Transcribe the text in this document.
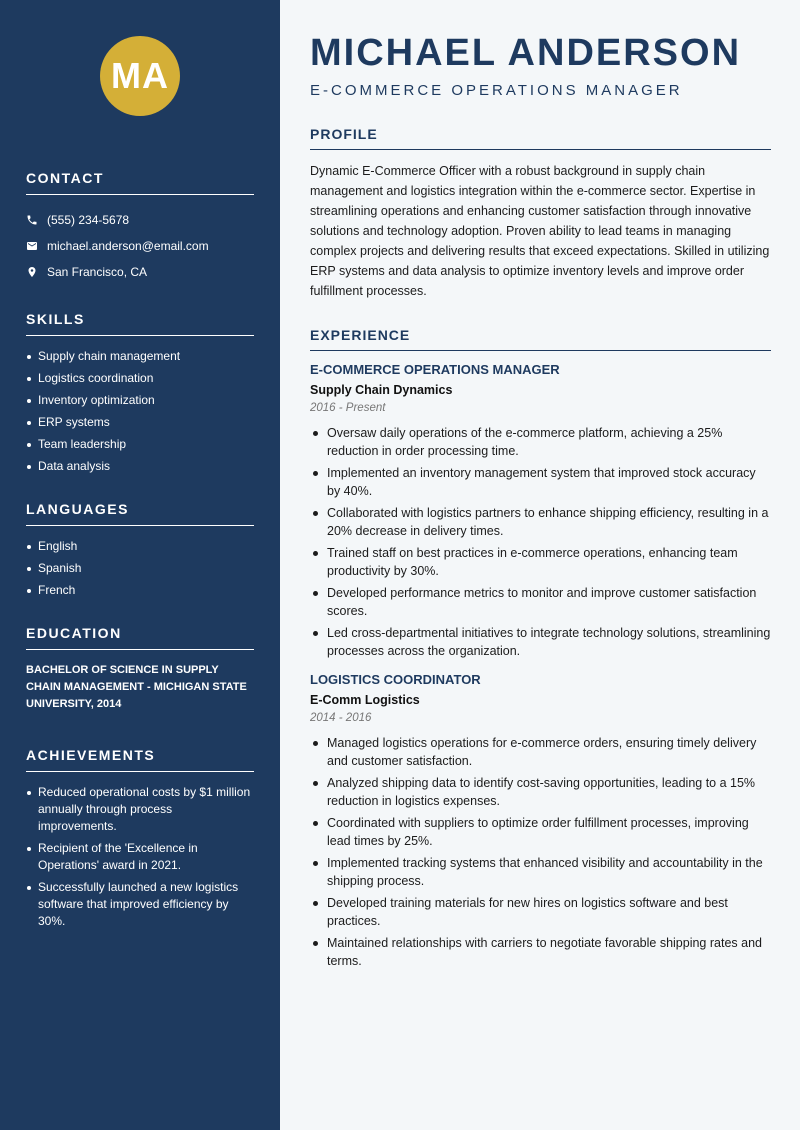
MA
CONTACT
(555) 234-5678
michael.anderson@email.com
San Francisco, CA
SKILLS
Supply chain management
Logistics coordination
Inventory optimization
ERP systems
Team leadership
Data analysis
LANGUAGES
English
Spanish
French
EDUCATION
BACHELOR OF SCIENCE IN SUPPLY CHAIN MANAGEMENT - MICHIGAN STATE UNIVERSITY, 2014
ACHIEVEMENTS
Reduced operational costs by $1 million annually through process improvements.
Recipient of the 'Excellence in Operations' award in 2021.
Successfully launched a new logistics software that improved efficiency by 30%.
MICHAEL ANDERSON
E-COMMERCE OPERATIONS MANAGER
PROFILE

Dynamic E-Commerce Officer with a robust background in supply chain management and logistics integration within the e-commerce sector. Expertise in streamlining operations and enhancing customer satisfaction through innovative solutions and technology adoption. Proven ability to lead teams in managing complex projects and delivering results that exceed expectations. Skilled in utilizing ERP systems and data analysis to optimize inventory levels and improve order fulfillment processes.

EXPERIENCE
E-COMMERCE OPERATIONS MANAGER
Supply Chain Dynamics
2016 - Present
Oversaw daily operations of the e-commerce platform, achieving a 25% reduction in order processing time.
Implemented an inventory management system that improved stock accuracy by 40%.
Collaborated with logistics partners to enhance shipping efficiency, resulting in a 20% decrease in delivery times.
Trained staff on best practices in e-commerce operations, enhancing team productivity by 30%.
Developed performance metrics to monitor and improve customer satisfaction scores.
Led cross-departmental initiatives to integrate technology solutions, streamlining processes across the organization.
LOGISTICS COORDINATOR
E-Comm Logistics
2014 - 2016
Managed logistics operations for e-commerce orders, ensuring timely delivery and customer satisfaction.
Analyzed shipping data to identify cost-saving opportunities, leading to a 15% reduction in logistics expenses.
Coordinated with suppliers to optimize order fulfillment processes, improving lead times by 25%.
Implemented tracking systems that enhanced visibility and accountability in the shipping process.
Developed training materials for new hires on logistics software and best practices.
Maintained relationships with carriers to negotiate favorable shipping rates and terms.
